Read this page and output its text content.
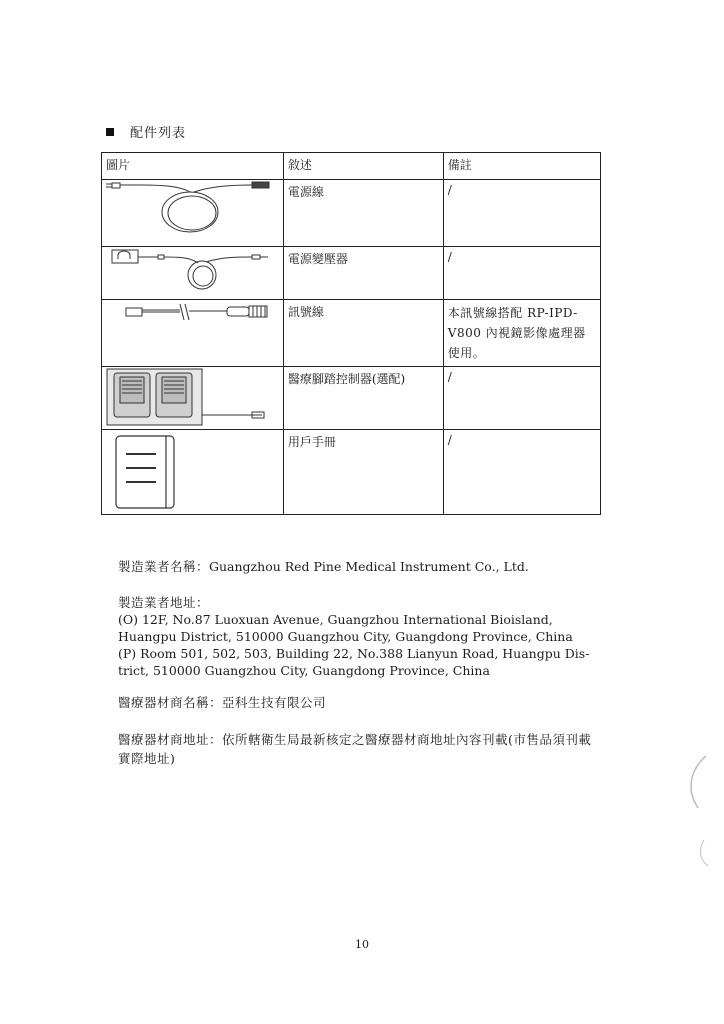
配件列表
圖片	敘述	備註

	電源線	/

	電源變壓器	/

	訊號線	本訊號線搭配 RP-IPD-V800 內視鏡影像處理器使用。

	醫療腳踏控制器(選配)	/

	用戶手冊	/
製造業者名稱：Guangzhou Red Pine Medical Instrument Co., Ltd.
製造業者地址：
(O) 12F, No.87 Luoxuan Avenue, Guangzhou International Bioisland, Huangpu District, 510000 Guangzhou City, Guangdong Province, China
(P) Room 501, 502, 503, Building 22, No.388 Lianyun Road, Huangpu Dis-trict, 510000 Guangzhou City, Guangdong Province, China
醫療器材商名稱：亞科生技有限公司
醫療器材商地址：依所轄衛生局最新核定之醫療器材商地址內容刊載(市售品須刊載實際地址)
10
